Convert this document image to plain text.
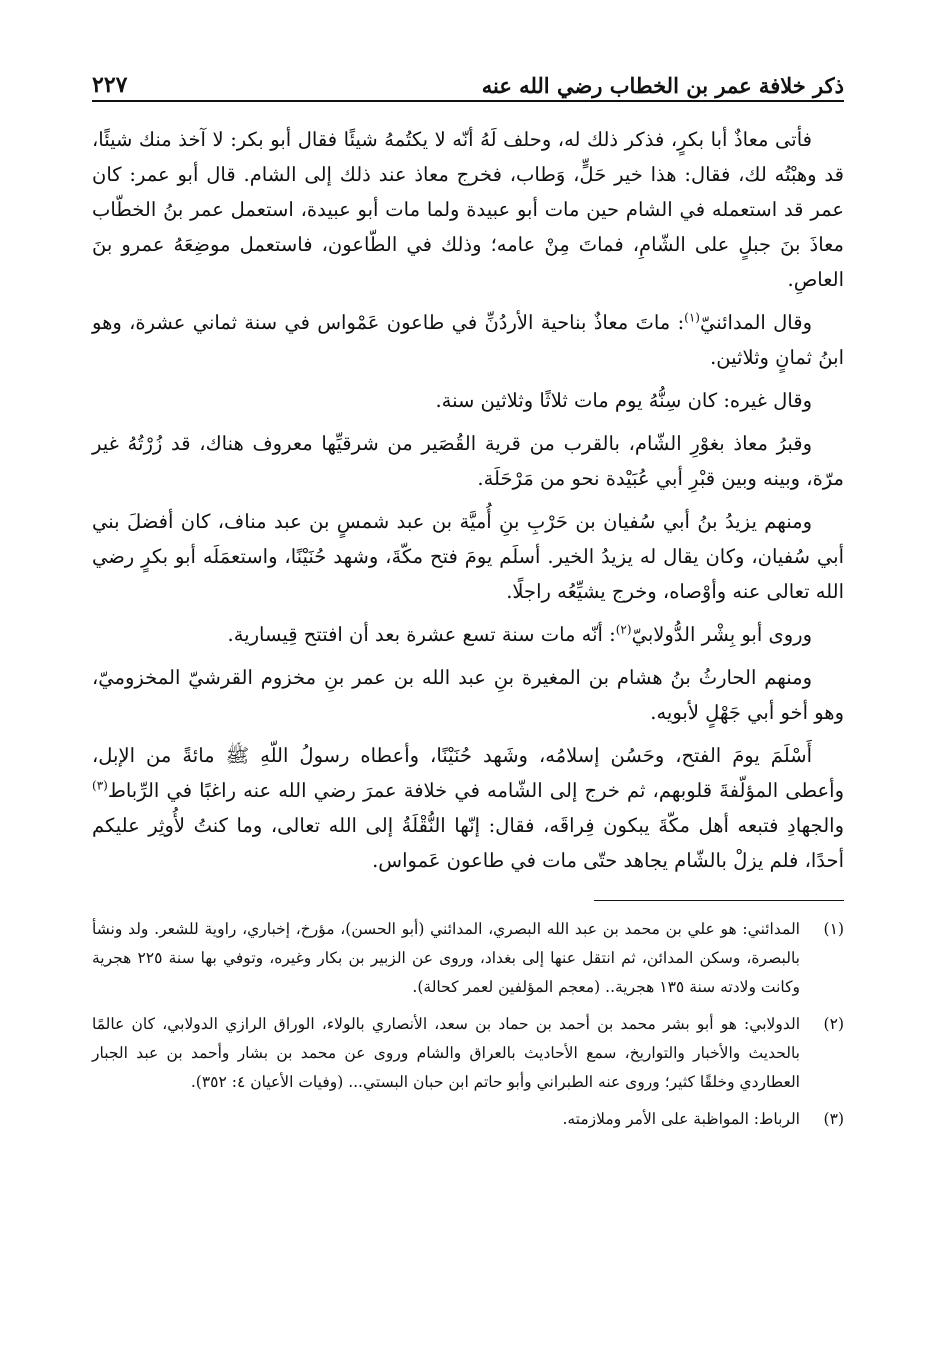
ذكر خلافة عمر بن الخطاب رضي الله عنه
٢٢٧

فأتى معاذٌ أبا بكرٍ، فذكر ذلك له، وحلف لَهُ أنّه لا يكتُمهُ شيئًا فقال أبو بكر: لا آخذ منك شيئًا، قد وهبْتُه لك، فقال: هذا خير حَلٍّ، وَطاب، فخرج معاذ عند ذلك إلى الشام. قال أبو عمر: كان عمر قد استعمله في الشام حين مات أبو عبيدة ولما مات أبو عبيدة، استعمل عمر بنُ الخطّاب معاذَ بنَ جبلٍ على الشّامِ، فماتَ مِنْ عامه؛ وذلك في الطّاعون، فاستعمل موضِعَهُ عمرو بنَ العاصِ.

وقال المدائنيّ$^{(١)}$: ماتَ معاذٌ بناحية الأردُنِّ في طاعون عَمْواس في سنة ثماني عشرة، وهو ابنُ ثمانٍ وثلاثين.

وقال غيره: كان سِنُّهُ يوم مات ثلاثًا وثلاثين سنة.

وقبرُ معاذ بغوْرِ الشّام، بالقرب من قرية القُصَير من شرقيِّها معروف هناك، قد زُرْتُهُ غير مرّة، وبينه وبين قبْرِ أبي عُبَيْدة نحو من مَرْحَلَة.

ومنهم يزيدُ بنُ أبي سُفيان بن حَرْبِ بنِ أُميَّة بن عبد شمسٍ بن عبد مناف، كان أفضلَ بني أبي سُفيان، وكان يقال له يزيدُ الخير. أسلَم يومَ فتح مكّةَ، وشهد حُنَيْنًا، واستعمَلَه أبو بكرٍ رضي الله تعالى عنه وأوْصاه، وخرج يشيِّعُه راجلًا.

وروى أبو بِشْر الدُّولابيّ$^{(٢)}$: أنّه مات سنة تسع عشرة بعد أن افتتح قِيسارية.

ومنهم الحارثُ بنُ هشام بن المغيرة بنِ عبد الله بن عمر بنِ مخزوم القرشيّ المخزوميّ، وهو أخو أبي جَهْلٍ لأبويه.

أَسْلَمَ يومَ الفتح، وحَسُن إسلامُه، وشَهد حُنَيْنًا، وأعطاه رسولُ اللّهِ ﷺ مائةً من الإبل، وأعطى المؤلّفةَ قلوبهم، ثم خرج إلى الشّامه في خلافة عمرَ رضي الله عنه راغبًا في الرِّباط$^{(٣)}$ والجهادِ فتبعه أهل مكّةَ يبكون فِراقَه، فقال: إنّها النُّقْلَةُ إلى الله تعالى، وما كنتُ لأُوثِر عليكم أحدًا، فلم يزلْ بالشّام يجاهد حتّى مات في طاعون عَمواس.

(١)
المدائني: هو علي بن محمد بن عبد الله البصري، المدائني (أبو الحسن)، مؤرخ، إخباري، راوية للشعر. ولد ونشأ بالبصرة، وسكن المدائن، ثم انتقل عنها إلى بغداد، وروى عن الزبير بن بكار وغيره، وتوفي بها سنة ٢٢٥ هجرية وكانت ولادته سنة ١٣٥ هجرية.. (معجم المؤلفين لعمر كحالة).
(٢)
الدولابي: هو أبو بشر محمد بن أحمد بن حماد بن سعد، الأنصاري بالولاء، الوراق الرازي الدولابي، كان عالمًا بالحديث والأخبار والتواريخ، سمع الأحاديث بالعراق والشام وروى عن محمد بن بشار وأحمد بن عبد الجبار العطاردي وخلقًا كثير؛ وروى عنه الطبراني وأبو حاتم ابن حبان البستي... (وفيات الأعيان ٤: ٣٥٢).
(٣)
الرباط: المواظبة على الأمر وملازمته.
